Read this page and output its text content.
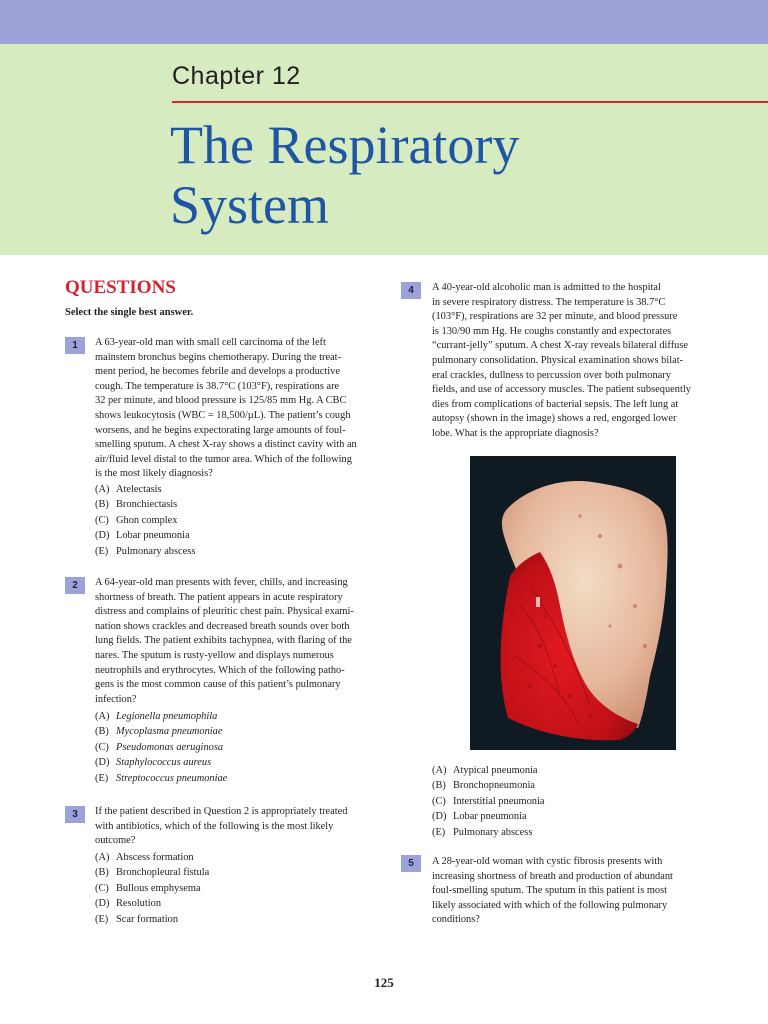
Chapter 12
The Respiratory
System
QUESTIONS
Select the single best answer.
1	A 63-year-old man with small cell carcinoma of the left
mainstem bronchus begins chemotherapy. During the treat-
ment period, he becomes febrile and develops a productive
cough. The temperature is 38.7°C (103°F), respirations are
32 per minute, and blood pressure is 125/85 mm Hg. A CBC
shows leukocytosis (WBC = 18,500/µL). The patient’s cough
worsens, and he begins expectorating large amounts of foul-
smelling sputum. A chest X-ray shows a distinct cavity with an
air/fluid level distal to the tumor area. Which of the following
is the most likely diagnosis?
(A) Atelectasis
(B) Bronchiectasis
(C) Ghon complex
(D) Lobar pneumonia
(E) Pulmonary abscess
2	A 64-year-old man presents with fever, chills, and increasing
shortness of breath. The patient appears in acute respiratory
distress and complains of pleuritic chest pain. Physical exami-
nation shows crackles and decreased breath sounds over both
lung fields. The patient exhibits tachypnea, with flaring of the
nares. The sputum is rusty-yellow and displays numerous
neutrophils and erythrocytes. Which of the following patho-
gens is the most common cause of this patient’s pulmonary
infection?
(A) Legionella pneumophila
(B) Mycoplasma pneumoniae
(C) Pseudomonas aeruginosa
(D) Staphylococcus aureus
(E) Streptococcus pneumoniae
3	If the patient described in Question 2 is appropriately treated
with antibiotics, which of the following is the most likely
outcome?
(A) Abscess formation
(B) Bronchopleural fistula
(C) Bullous emphysema
(D) Resolution
(E) Scar formation
4	A 40-year-old alcoholic man is admitted to the hospital
in severe respiratory distress. The temperature is 38.7°C
(103°F), respirations are 32 per minute, and blood pressure
is 130/90 mm Hg. He coughs constantly and expectorates
“currant-jelly” sputum. A chest X-ray reveals bilateral diffuse
pulmonary consolidation. Physical examination shows bilat-
eral crackles, dullness to percussion over both pulmonary
fields, and use of accessory muscles. The patient subsequently
dies from complications of bacterial sepsis. The left lung at
autopsy (shown in the image) shows a red, engorged lower
lobe. What is the appropriate diagnosis?
(A) Atypical pneumonia
(B) Bronchopneumonia
(C) Interstitial pneumonia
(D) Lobar pneumonia
(E) Pulmonary abscess
5	A 28-year-old woman with cystic fibrosis presents with
increasing shortness of breath and production of abundant
foul-smelling sputum. The sputum in this patient is most
likely associated with which of the following pulmonary
conditions?
125
